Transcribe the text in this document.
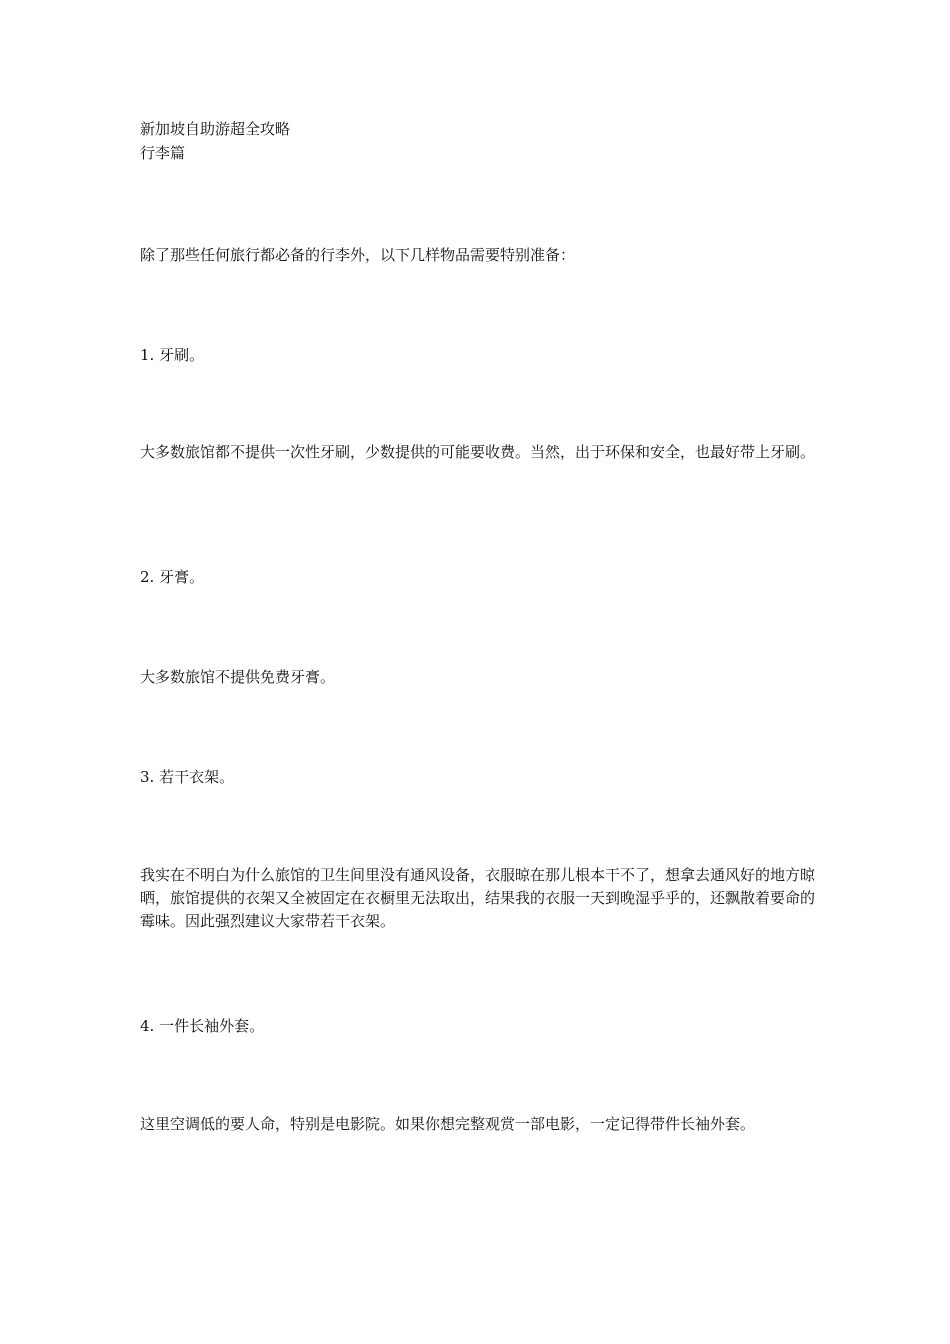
新加坡自助游超全攻略
行李篇
除了那些任何旅行都必备的行李外，以下几样物品需要特别准备：
1. 牙刷。
大多数旅馆都不提供一次性牙刷，少数提供的可能要收费。当然，出于环保和安全，也最好带上牙刷。
2. 牙膏。
大多数旅馆不提供免费牙膏。
3. 若干衣架。
我实在不明白为什么旅馆的卫生间里没有通风设备，衣服晾在那儿根本干不了，想拿去通风好的地方晾晒，旅馆提供的衣架又全被固定在衣橱里无法取出，结果我的衣服一天到晚湿乎乎的，还飘散着要命的霉味。因此强烈建议大家带若干衣架。
4. 一件长袖外套。
这里空调低的要人命，特别是电影院。如果你想完整观赏一部电影，一定记得带件长袖外套。
